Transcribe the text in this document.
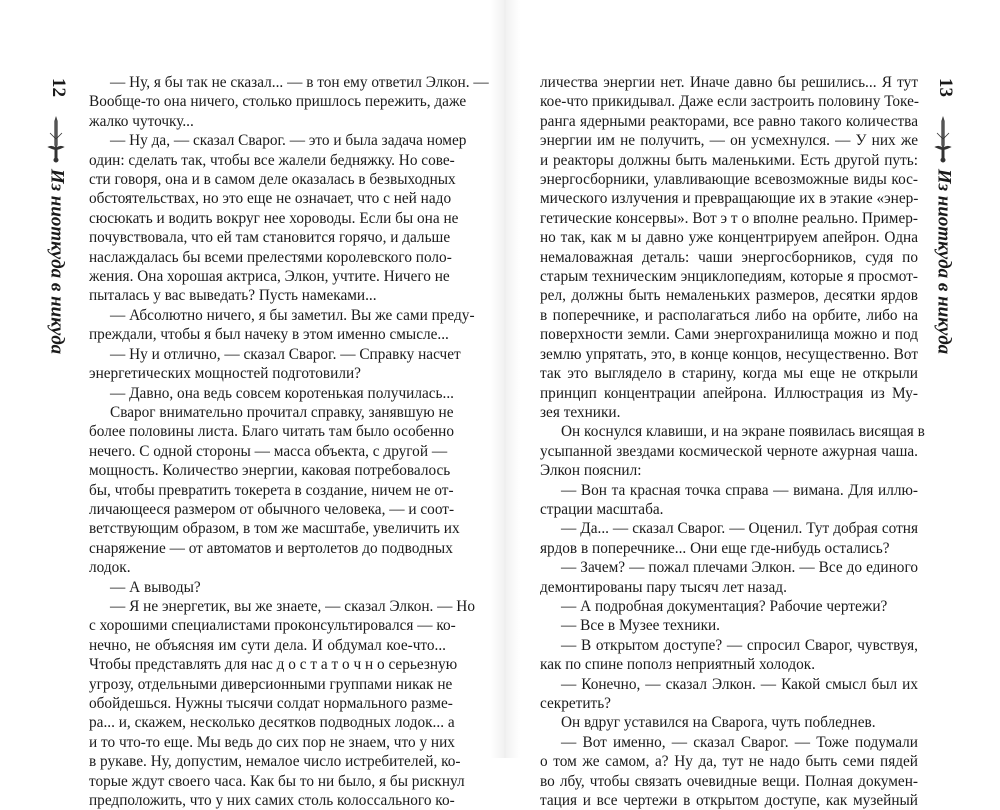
12
Из ниоткуда в никуда
13
Из ниоткуда в никуда
— Ну, я бы так не сказал... — в тон ему ответил Элкон. —
Вообще-то она ничего, столько пришлось пережить, даже
жалко чуточку...
— Ну да, — сказал Сварог. — это и была задача номер
один: сделать так, чтобы все жалели бедняжку. Но сове-
сти говоря, она и в самом деле оказалась в безвыходных
обстоятельствах, но это еще не означает, что с ней надо
сюсюкать и водить вокруг нее хороводы. Если бы она не
почувствовала, что ей там становится горячо, и дальше
наслаждалась бы всеми прелестями королевского поло-
жения. Она хорошая актриса, Элкон, учтите. Ничего не
пыталась у вас выведать? Пусть намеками...
— Абсолютно ничего, я бы заметил. Вы же сами преду-
преждали, чтобы я был начеку в этом именно смысле...
— Ну и отлично, — сказал Сварог. — Справку насчет
энергетических мощностей подготовили?
— Давно, она ведь совсем коротенькая получилась...
Сварог внимательно прочитал справку, занявшую не
более половины листа. Благо читать там было особенно
нечего. С одной стороны — масса объекта, с другой —
мощность. Количество энергии, каковая потребовалось
бы, чтобы превратить токерета в создание, ничем не от-
личающееся размером от обычного человека, — и соот-
ветствующим образом, в том же масштабе, увеличить их
снаряжение — от автоматов и вертолетов до подводных
лодок.
— А выводы?
— Я не энергетик, вы же знаете, — сказал Элкон. — Но
с хорошими специалистами проконсультировался — ко-
нечно, не объясняя им сути дела. И обдумал кое-что...
Чтобы представлять для нас д о с т а т о ч н о серьезную
угрозу, отдельными диверсионными группами никак не
обойдешься. Нужны тысячи солдат нормального разме-
ра... и, скажем, несколько десятков подводных лодок... а
и то что-то еще. Мы ведь до сих пор не знаем, что у них
в рукаве. Ну, допустим, немалое число истребителей, ко-
торые ждут своего часа. Как бы то ни было, я бы рискнул
предположить, что у них самих столь колоссального ко-
личества энергии нет. Иначе давно бы решились... Я тут
кое-что прикидывал. Даже если застроить половину Токе-
ранга ядерными реакторами, все равно такого количества
энергии им не получить, — он усмехнулся. — У них же
и реакторы должны быть маленькими. Есть другой путь:
энергосборники, улавливающие всевозможные виды кос-
мического излучения и превращающие их в этакие «энер-
гетические консервы». Вот э т о вполне реально. Пример-
но так, как м ы давно уже концентрируем апейрон. Одна
немаловажная деталь: чаши энергосборников, судя по
старым техническим энциклопедиям, которые я просмот-
рел, должны быть немаленьких размеров, десятки ярдов
в поперечнике, и располагаться либо на орбите, либо на
поверхности земли. Сами энергохранилища можно и под
землю упрятать, это, в конце концов, несущественно. Вот
так это выглядело в старину, когда мы еще не открыли
принцип концентрации апейрона. Иллюстрация из Му-
зея техники.
Он коснулся клавиши, и на экране появилась висящая в
усыпанной звездами космической черноте ажурная чаша.
Элкон пояснил:
— Вон та красная точка справа — вимана. Для иллю-
страции масштаба.
— Да... — сказал Сварог. — Оценил. Тут добрая сотня
ярдов в поперечнике... Они еще где-нибудь остались?
— Зачем? — пожал плечами Элкон. — Все до единого
демонтированы пару тысяч лет назад.
— А подробная документация? Рабочие чертежи?
— Все в Музее техники.
— В открытом доступе? — спросил Сварог, чувствуя,
как по спине пополз неприятный холодок.
— Конечно, — сказал Элкон. — Какой смысл был их
секретить?
Он вдруг уставился на Сварога, чуть побледнев.
— Вот именно, — сказал Сварог. — Тоже подумали
о том же самом, а? Ну да, тут не надо быть семи пядей
во лбу, чтобы связать очевидные вещи. Полная докумен-
тация и все чертежи в открытом доступе, как музейный
